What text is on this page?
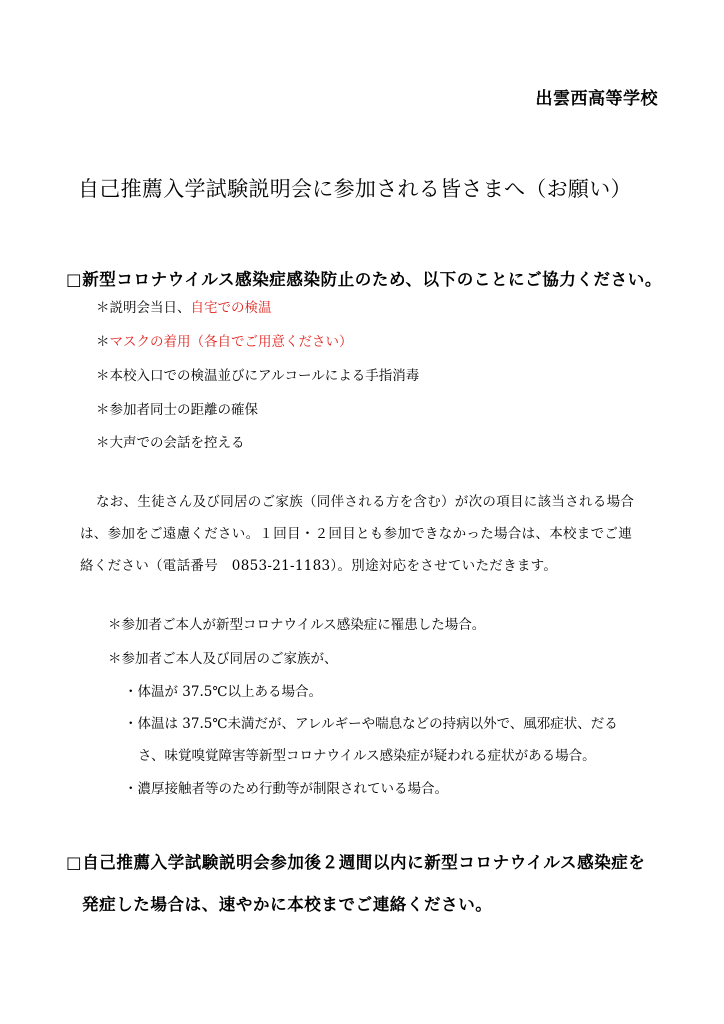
出雲西高等学校

自己推薦入学試験説明会に参加される皆さまへ（お願い）

□新型コロナウイルス感染症感染防止のため、以下のことにご協力ください。

＊説明会当日、自宅での検温

＊マスクの着用（各自でご用意ください）

＊本校入口での検温並びにアルコールによる手指消毒

＊参加者同士の距離の確保

＊大声での会話を控える

なお、生徒さん及び同居のご家族（同伴される方を含む）が次の項目に該当される場合

は、参加をご遠慮ください。１回目・２回目とも参加できなかった場合は、本校までご連

絡ください（電話番号　0853-21-1183）。別途対応をさせていただきます。

＊参加者ご本人が新型コロナウイルス感染症に罹患した場合。

＊参加者ご本人及び同居のご家族が、

・体温が 37.5℃以上ある場合。

・体温は 37.5℃未満だが、アレルギーや喘息などの持病以外で、風邪症状、だる

さ、味覚嗅覚障害等新型コロナウイルス感染症が疑われる症状がある場合。

・濃厚接触者等のため行動等が制限されている場合。

□自己推薦入学試験説明会参加後２週間以内に新型コロナウイルス感染症を

発症した場合は、速やかに本校までご連絡ください。
